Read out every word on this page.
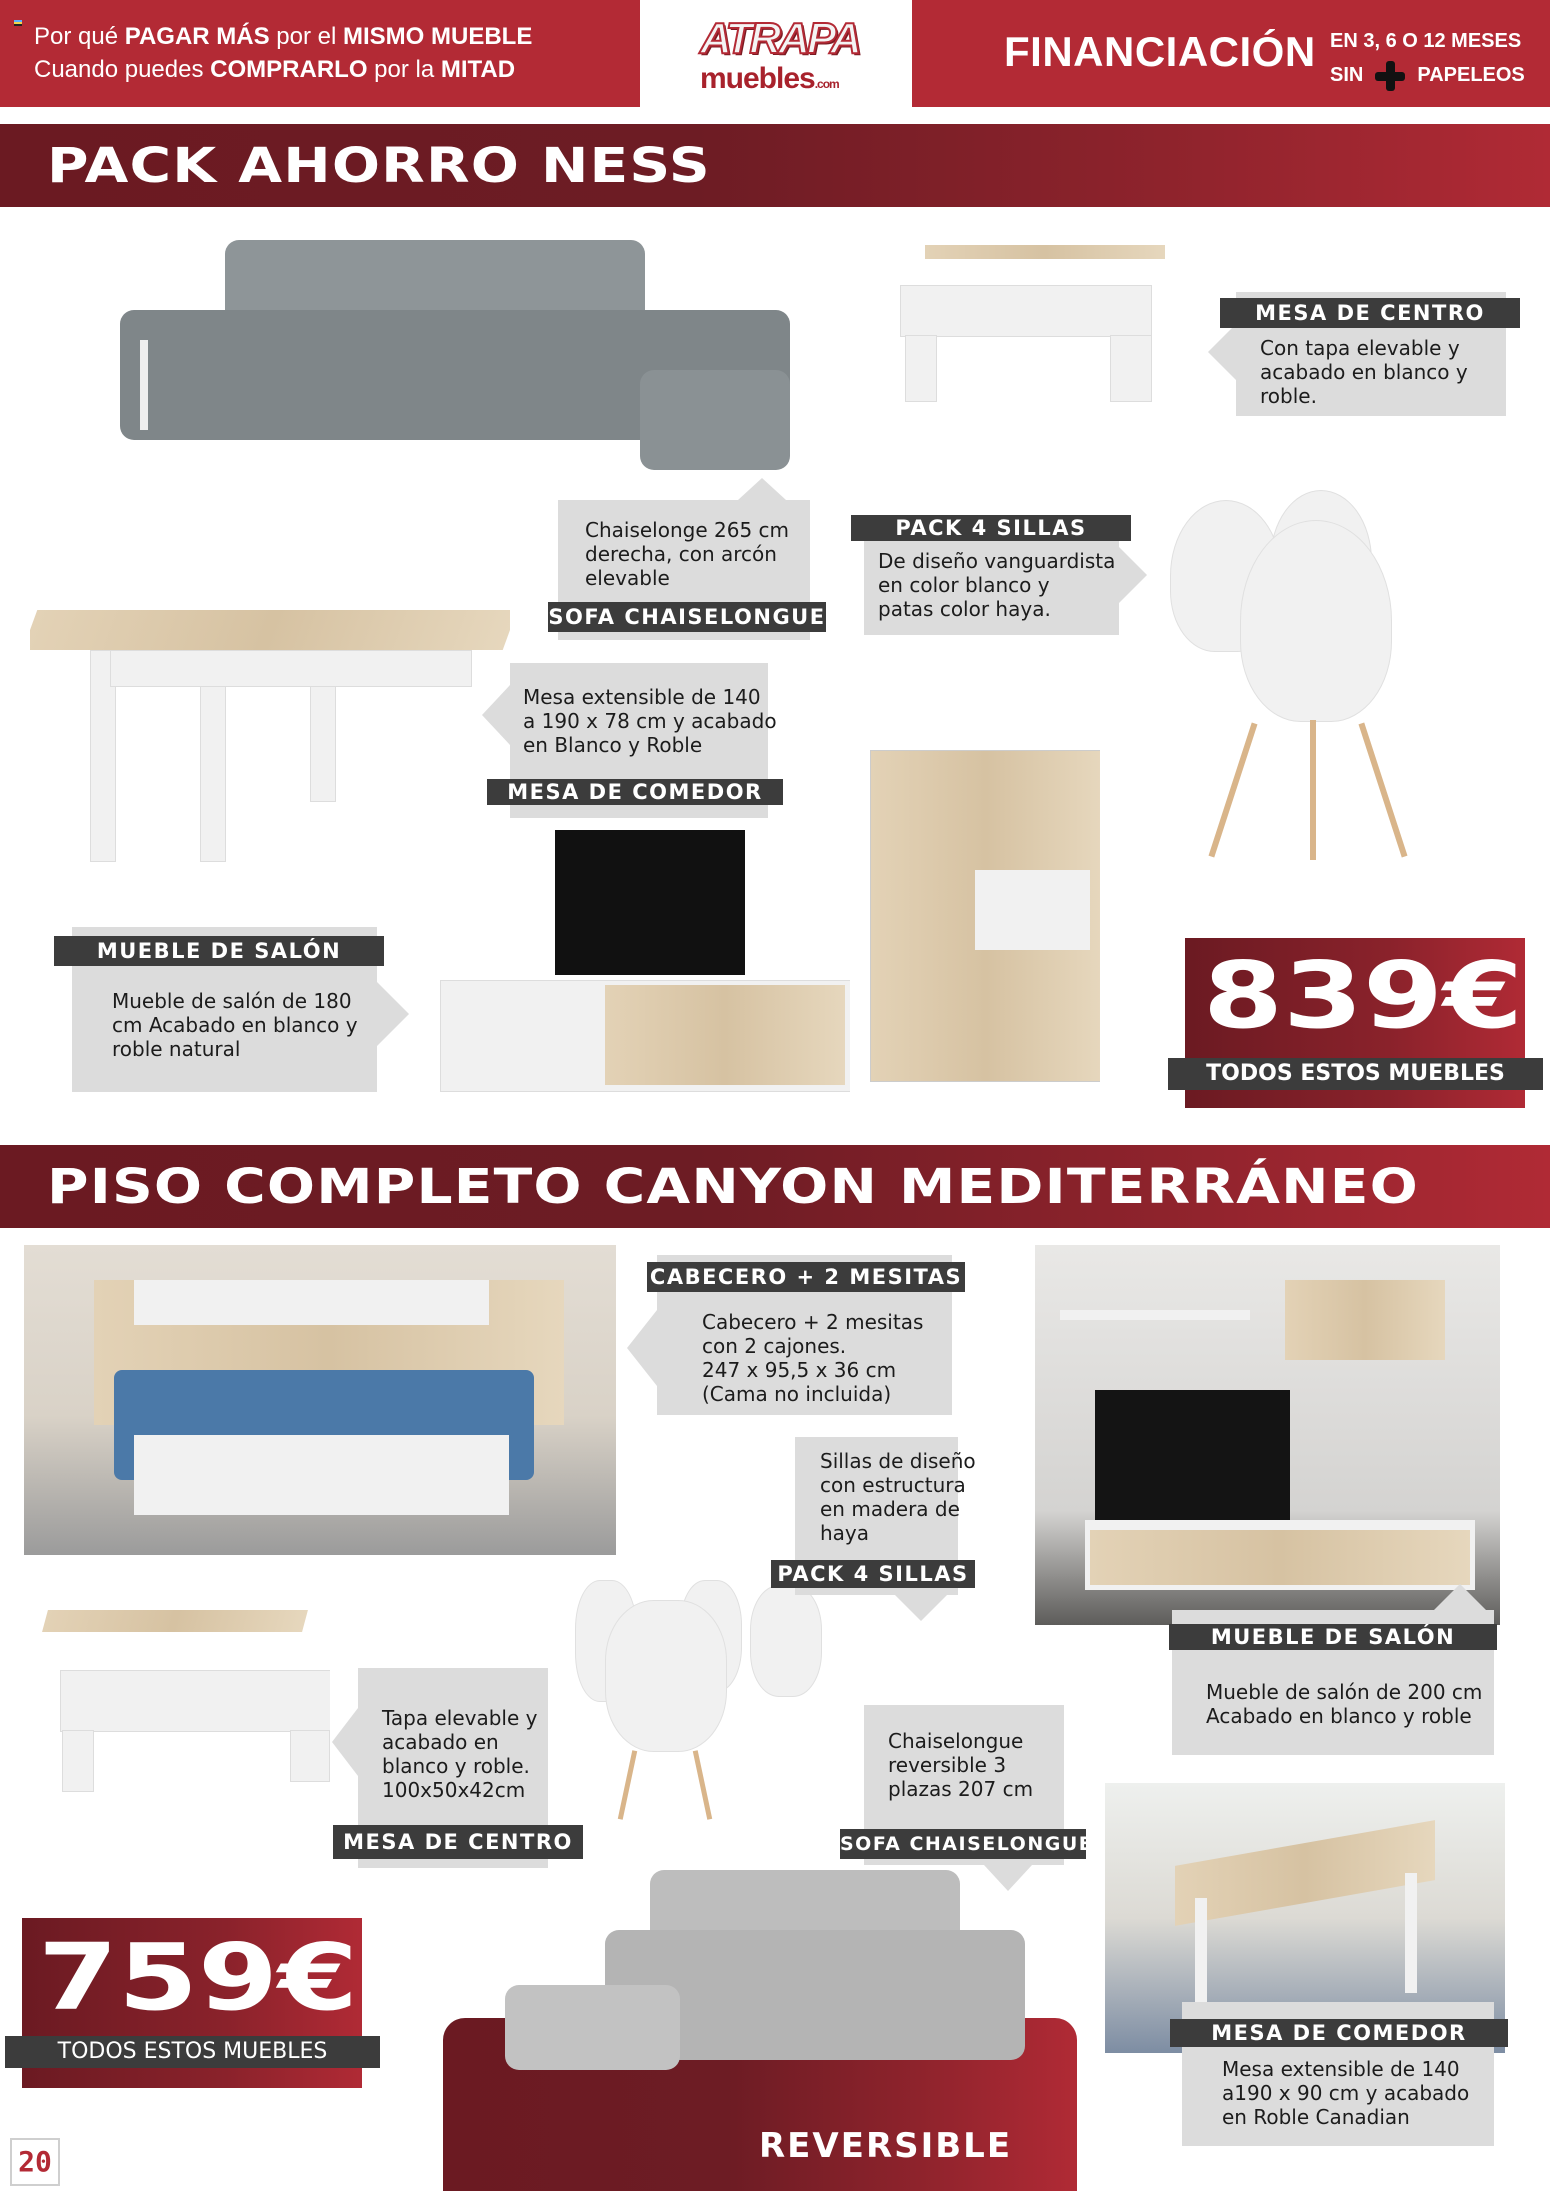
Por qué PAGAR MÁS por el MISMO MUEBLE
Cuando puedes COMPRARLO por la MITAD
ATRAPA
muebles.com
FINANCIACIÓN EN 3, 6 O 12 MESES
SIN	PAPELEOS
PACK AHORRO NESS
Con tapa elevable y
acabado en blanco y
roble.
MESA DE CENTRO
Chaiselonge 265 cm
derecha, con arcón
elevable
SOFA CHAISELONGUE
De diseño vanguardista
en color blanco y
patas color haya.
PACK 4 SILLAS
Mesa extensible de 140
a 190 x 78 cm y acabado
en Blanco y Roble
MESA DE COMEDOR
Mueble de salón de 180
cm Acabado en blanco y
roble natural
MUEBLE DE SALÓN	839€
TODOS ESTOS MUEBLES
PISO COMPLETO CANYON MEDITERRÁNEO
REVERSIBLE
Cabecero + 2 mesitas
con 2 cajones.
247 x 95,5 x 36 cm
(Cama no incluida)
CABECERO + 2 MESITAS
Sillas de diseño
con estructura
en madera de
haya
PACK 4 SILLAS
Mueble de salón de 200 cm
Acabado en blanco y roble
MUEBLE DE SALÓN
Tapa elevable y
acabado en
blanco y roble.
100x50x42cm
MESA DE CENTRO
Chaiselongue
reversible 3
plazas 207 cm
SOFA CHAISELONGUE
Mesa extensible de 140
a190 x 90 cm y acabado
en Roble Canadian
MESA DE COMEDOR
759€
TODOS ESTOS MUEBLES
20
